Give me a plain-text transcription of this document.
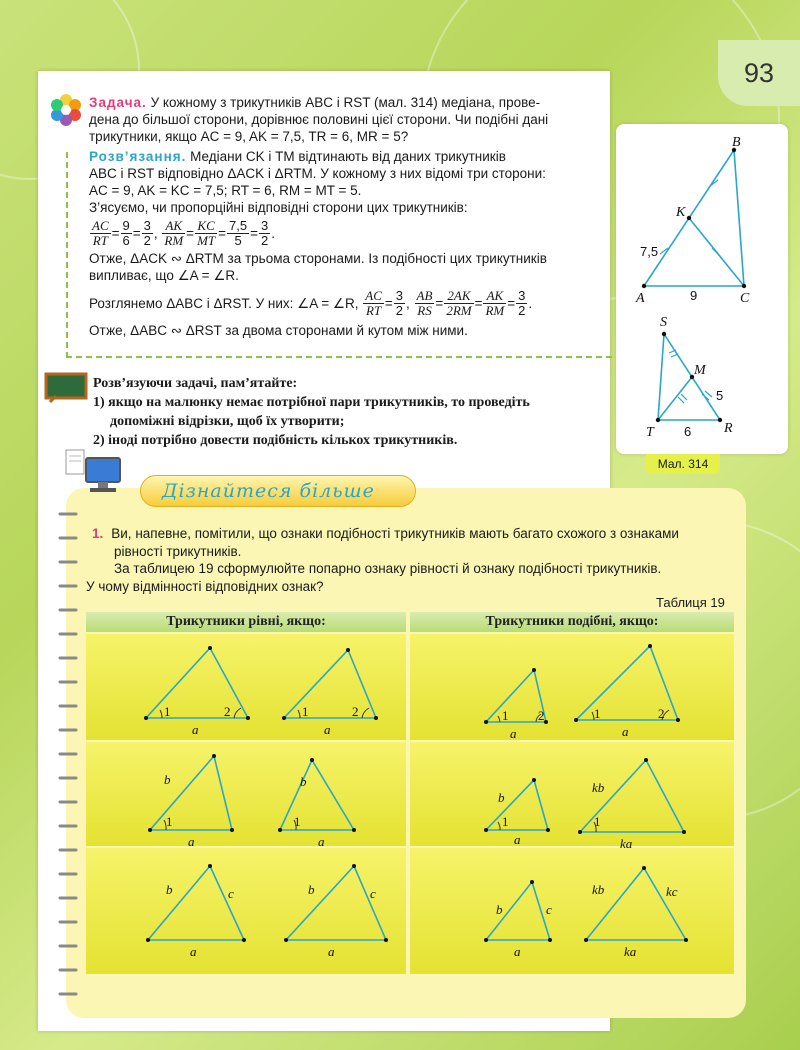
93
Задача. У кожному з трикутників ABC і RST (мал. 314) медіана, прове-
дена до більшої сторони, дорівнює половині цієї сторони. Чи подібні дані
трикутники, якщо AC = 9, AK = 7,5, TR = 6, MR = 5?
Розв’язання. Медіани CK і TM відтинають від даних трикутників
ABC і RST відповідно ΔACK і ΔRTM. У кожному з них відомі три сторони:
AC = 9, AK = KC = 7,5; RT = 6, RM = MT = 5.
З’ясуємо, чи пропорційні відповідні сторони цих трикутників:
$\frac{AC}{RT} = \frac{9}{6} = \frac{3}{2}$ , $\frac{AK}{RM} = \frac{KC}{MT} = \frac{7,5}{5} = \frac{3}{2}$ .
Отже, ΔACK ∾ ΔRTM за трьома сторонами. Із подібності цих трикутників
випливає, що ∠A = ∠R.
Розглянемо ΔABC і ΔRST. У них: ∠A = ∠R,
$\frac{AC}{RT} = \frac{3}{2}$ , $\frac{AB}{RS} = \frac{2AK}{2RM} = \frac{AK}{RM} = \frac{3}{2}$ .
Отже, ΔABC ∾ ΔRST за двома сторонами й кутом між ними.
Розв’язуючи задачі, пам’ятайте:
1) якщо на малюнку немає потрібної пари трикутників, то проведіть
допоміжні відрізки, щоб їх утворити;
2) іноді потрібно довести подібність кількох трикутників.
B
K
A	C
S
M
T	R
7,5
9
5
6
Мал. 314
Дізнайтеся більше
1. Ви, напевне, помітили, що ознаки подібності трикутників мають багато схожого з ознаками
рівності трикутників.
За таблицею 19 сформулюйте попарно ознаку рівності й ознаку подібності трикутників.
У чому відмінності відповідних ознак?
Таблиця 19
Трикутники рівні, якщо:	Трикутники подібні, якщо:
1	2	1	2	1 2	1	2
1	1	1	1
a	a	a	a
b
a
b
a
b
a
kb
ka
b	c
a
b	c
a
b	c
a
kb	kc
ka
